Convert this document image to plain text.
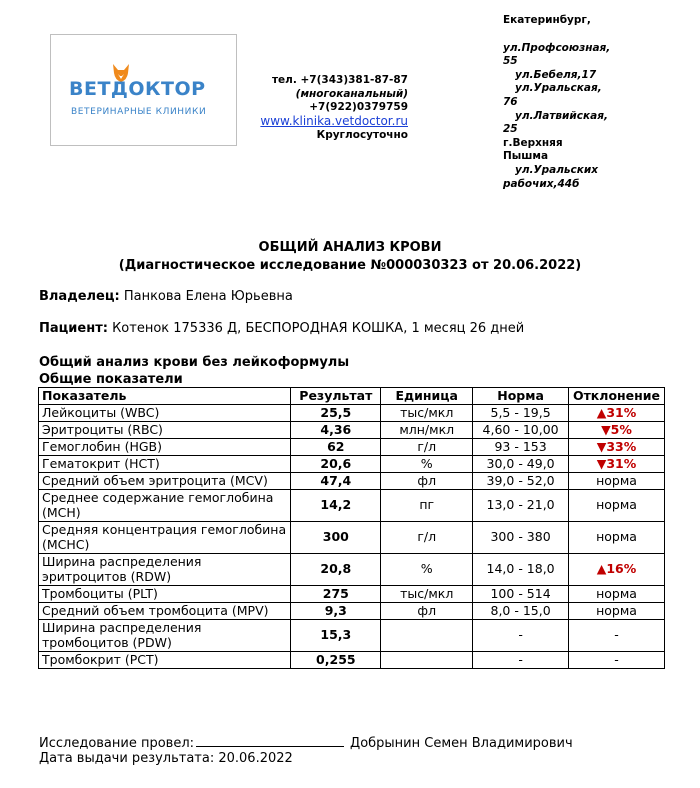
ВЕТДОКТОР
ВЕТЕРИНАРНЫЕ КЛИНИКИ
тел. +7(343)381-87-87
(многоканальный)
+7(922)0379759
www.klinika.vetdoctor.ru
Круглосуточно
Екатеринбург,
ул.Профсоюзная,
55
ул.Бебеля,17
ул.Уральская,
76
ул.Латвийская,
25
г.Верхняя
Пышма
ул.Уральских
рабочих,44б
ОБЩИЙ АНАЛИЗ КРОВИ
(Диагностическое исследование №000030323 от 20.06.2022)
Владелец: Панкова Елена Юрьевна
Пациент: Котенок 175336 Д, БЕСПОРОДНАЯ КОШКА, 1 месяц 26 дней
Общий анализ крови без лейкоформулы
Общие показатели
Показатель	Результат	Единица	Норма	Отклонение
Лейкоциты (WBC)	25,5	тыс/мкл	5,5 - 19,5	▲31%
Эритроциты (RBC)	4,36	млн/мкл	4,60 - 10,00	▼5%
Гемоглобин (HGB)	62	г/л	93 - 153	▼33%
Гематокрит (HCT)	20,6	%	30,0 - 49,0	▼31%
Средний объем эритроцита (MCV)	47,4	фл	39,0 - 52,0	норма
Среднее содержание гемоглобина (MCH)	14,2	пг	13,0 - 21,0	норма
Средняя концентрация гемоглобина (MCHC)	300	г/л	300 - 380	норма
Ширина распределения эритроцитов (RDW)	20,8	%	14,0 - 18,0	▲16%
Тромбоциты (PLT)	275	тыс/мкл	100 - 514	норма
Средний объем тромбоцита (MPV)	9,3	фл	8,0 - 15,0	норма
Ширина распределения тромбоцитов (PDW)	15,3		-	-
Тромбокрит (PCT)	0,255		-	-
Исследование провел:	Добрынин Семен Владимирович
Дата выдачи результата: 20.06.2022
